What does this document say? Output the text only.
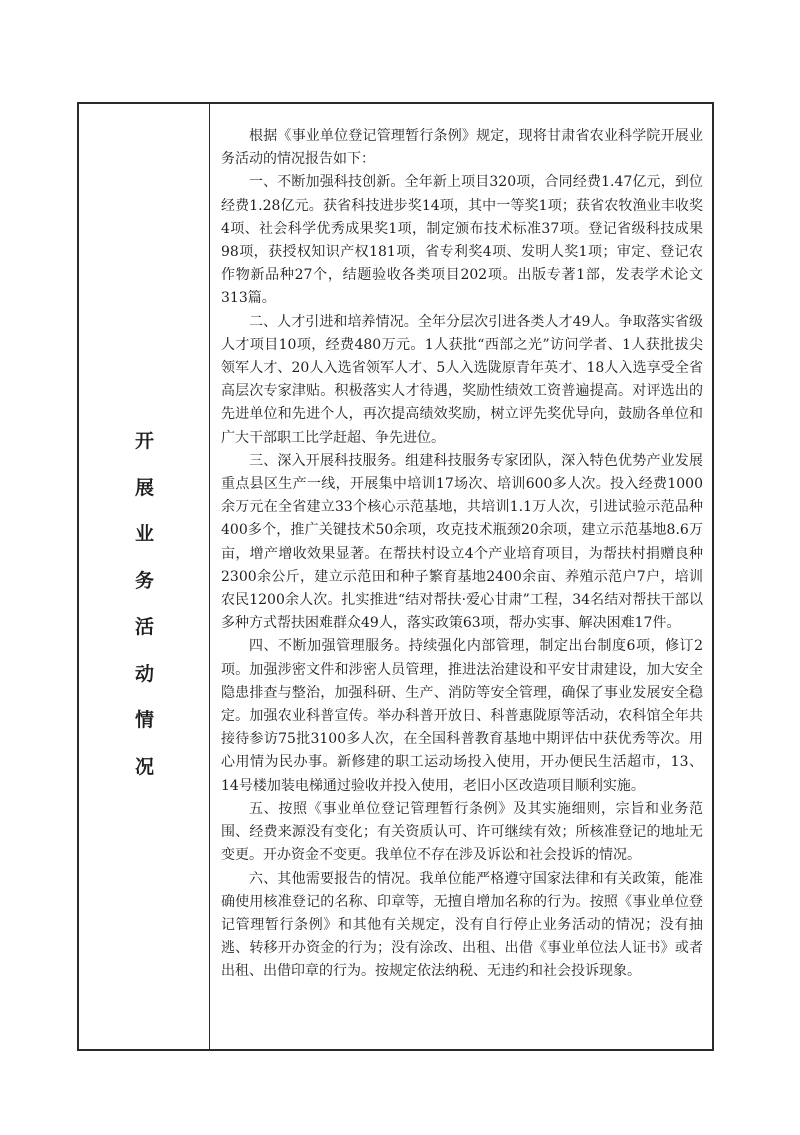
开
展
业
务
活
动
情
况

根据《事业单位登记管理暂行条例》规定，现将甘肃省农业科学院开展业务活动的情况报告如下：

一、不断加强科技创新。全年新上项目320项，合同经费1.47亿元，到位经费1.28亿元。获省科技进步奖14项，其中一等奖1项；获省农牧渔业丰收奖4项、社会科学优秀成果奖1项，制定颁布技术标准37项。登记省级科技成果98项，获授权知识产权181项，省专利奖4项、发明人奖1项；审定、登记农作物新品种27个，结题验收各类项目202项。出版专著1部，发表学术论文313篇。

二、人才引进和培养情况。全年分层次引进各类人才49人。争取落实省级人才项目10项，经费480万元。1人获批“西部之光”访问学者、1人获批拔尖领军人才、20人入选省领军人才、5人入选陇原青年英才、18人入选享受全省高层次专家津贴。积极落实人才待遇，奖励性绩效工资普遍提高。对评选出的先进单位和先进个人，再次提高绩效奖励，树立评先奖优导向，鼓励各单位和广大干部职工比学赶超、争先进位。

三、深入开展科技服务。组建科技服务专家团队，深入特色优势产业发展重点县区生产一线，开展集中培训17场次、培训600多人次。投入经费1000余万元在全省建立33个核心示范基地，共培训1.1万人次，引进试验示范品种400多个，推广关键技术50余项，攻克技术瓶颈20余项，建立示范基地8.6万亩，增产增收效果显著。在帮扶村设立4个产业培育项目，为帮扶村捐赠良种2300余公斤，建立示范田和种子繁育基地2400余亩、养殖示范户7户，培训农民1200余人次。扎实推进“结对帮扶·爱心甘肃”工程，34名结对帮扶干部以多种方式帮扶困难群众49人，落实政策63项，帮办实事、解决困难17件。

四、不断加强管理服务。持续强化内部管理，制定出台制度6项，修订2项。加强涉密文件和涉密人员管理，推进法治建设和平安甘肃建设，加大安全隐患排查与整治，加强科研、生产、消防等安全管理，确保了事业发展安全稳定。加强农业科普宣传。举办科普开放日、科普惠陇原等活动，农科馆全年共接待参访75批3100多人次，在全国科普教育基地中期评估中获优秀等次。用心用情为民办事。新修建的职工运动场投入使用，开办便民生活超市，13、14号楼加装电梯通过验收并投入使用，老旧小区改造项目顺利实施。

五、按照《事业单位登记管理暂行条例》及其实施细则，宗旨和业务范围、经费来源没有变化；有关资质认可、许可继续有效；所核准登记的地址无变更。开办资金不变更。我单位不存在涉及诉讼和社会投诉的情况。

六、其他需要报告的情况。我单位能严格遵守国家法律和有关政策，能准确使用核准登记的名称、印章等，无擅自增加名称的行为。按照《事业单位登记管理暂行条例》和其他有关规定，没有自行停止业务活动的情况；没有抽逃、转移开办资金的行为；没有涂改、出租、出借《事业单位法人证书》或者出租、出借印章的行为。按规定依法纳税、无违约和社会投诉现象。
